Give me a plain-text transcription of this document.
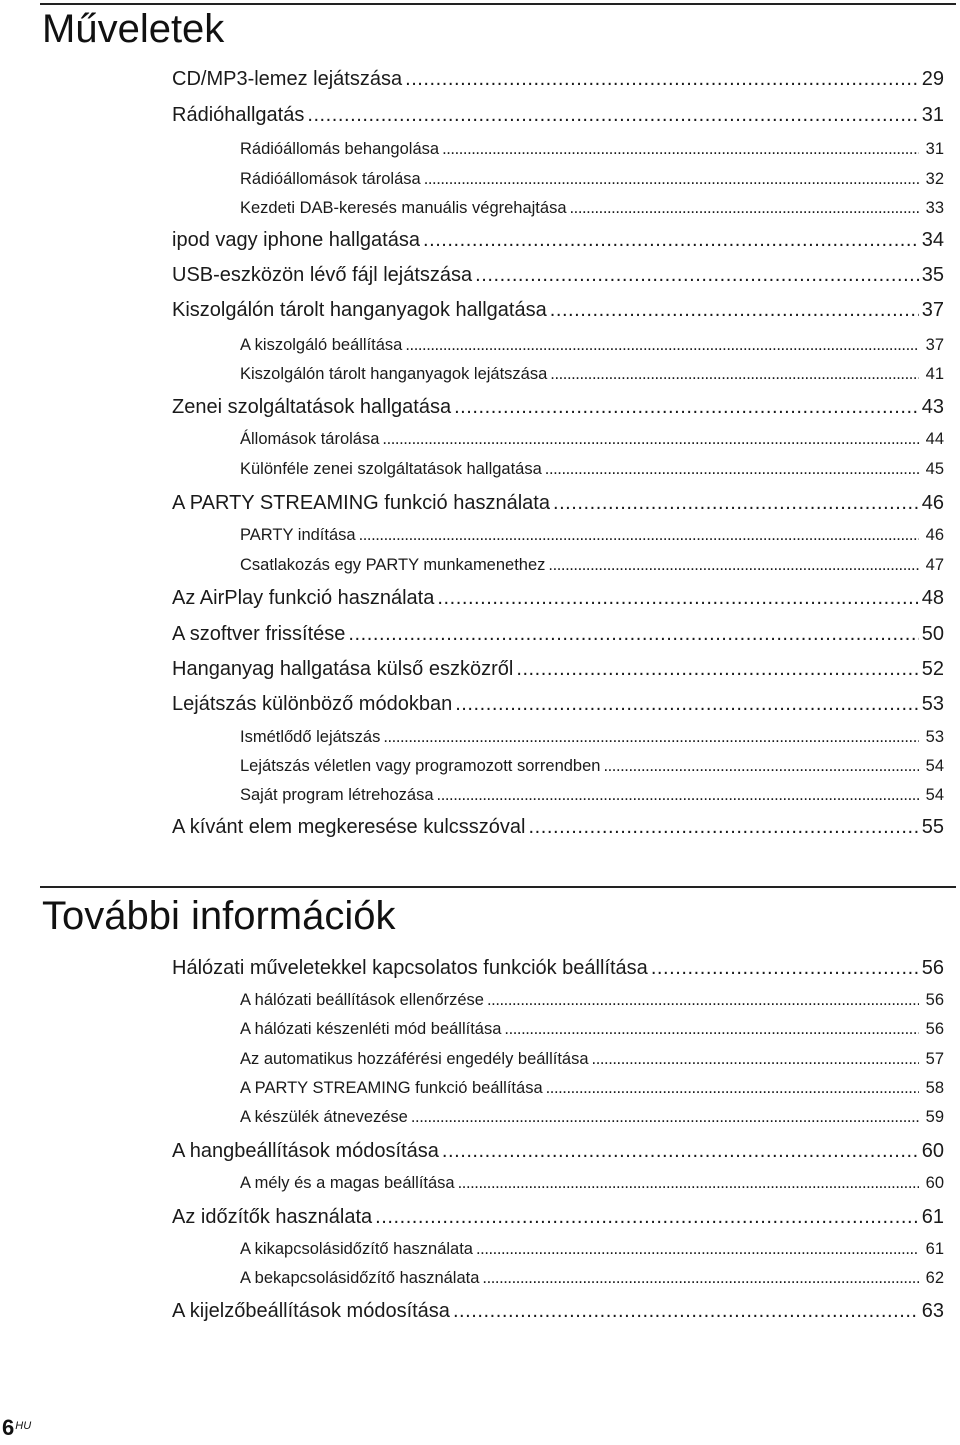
Műveletek
CD/MP3-lemez lejátszása . . .	29
Rádióhallgatás . . .	31
Rádióállomás behangolása . . .	31
Rádióállomások tárolása . . .	32
Kezdeti DAB-keresés manuális végrehajtása . . .	33
ipod vagy iphone hallgatása . . .	34
USB-eszközön lévő fájl lejátszása . . .	35
Kiszolgálón tárolt hanganyagok hallgatása . . .	37
A kiszolgáló beállítása . . .	37
Kiszolgálón tárolt hanganyagok lejátszása . . .	41
Zenei szolgáltatások hallgatása . . .	43
Állomások tárolása . . .	44
Különféle zenei szolgáltatások hallgatása . . .	45
A PARTY STREAMING funkció használata . . .	46
PARTY indítása . . .	46
Csatlakozás egy PARTY munkamenethez . . .	47
Az AirPlay funkció használata . . .	48
A szoftver frissítése . . .	50
Hanganyag hallgatása külső eszközről . . .	52
Lejátszás különböző módokban . . .	53
Ismétlődő lejátszás . . .	53
Lejátszás véletlen vagy programozott sorrendben . . .	54
Saját program létrehozása . . .	54
A kívánt elem megkeresése kulcsszóval . . .	55
További információk
Hálózati műveletekkel kapcsolatos funkciók beállítása . . .	56
A hálózati beállítások ellenőrzése . . .	56
A hálózati készenléti mód beállítása . . .	56
Az automatikus hozzáférési engedély beállítása . . .	57
A PARTY STREAMING funkció beállítása . . .	58
A készülék átnevezése . . .	59
A hangbeállítások módosítása . . .	60
A mély és a magas beállítása . . .	60
Az időzítők használata . . .	61
A kikapcsolásidőzítő használata . . .	61
A bekapcsolásidőzítő használata . . .	62
A kijelzőbeállítások módosítása . . .	63
$6^{HU}$
